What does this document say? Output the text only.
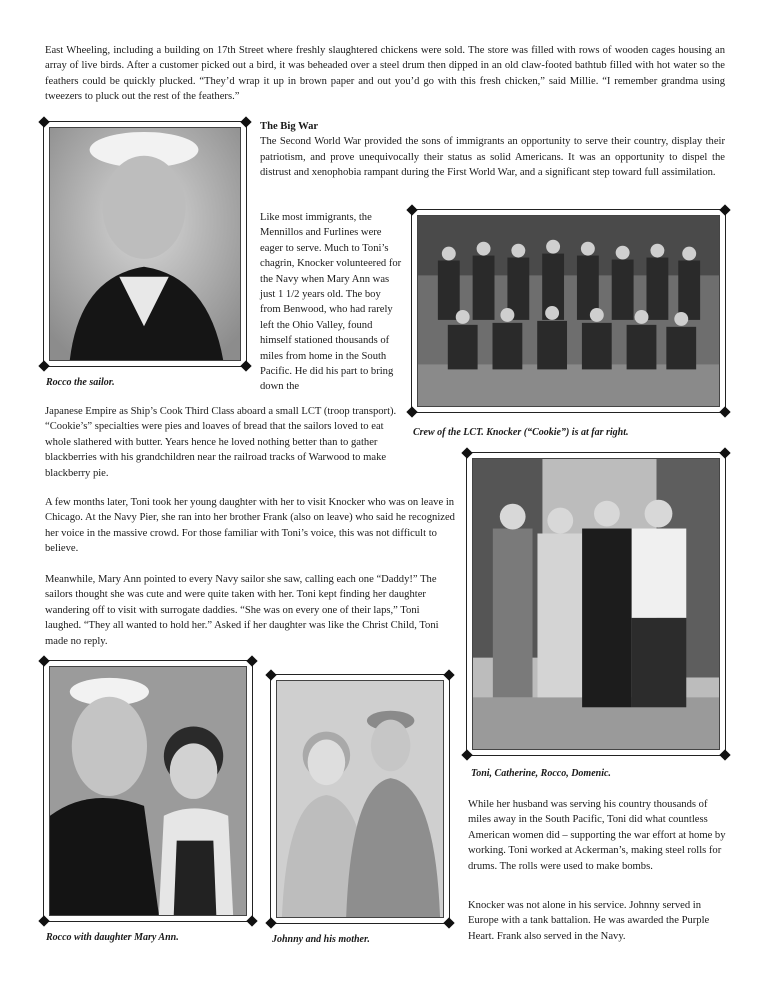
East Wheeling, including a building on 17th Street where freshly slaughtered chickens were sold. The store was filled with rows of wooden cages housing an array of live birds. After a customer picked out a bird, it was beheaded over a steel drum then dipped in an old claw-footed bathtub filled with hot water so the feathers could be quickly plucked. “They’d wrap it up in brown paper and out you’d go with this fresh chicken,” said Millie. “I remember grandma using tweezers to pluck out the rest of the feathers.”

Rocco the sailor.

The Big War

The Second World War provided the sons of immigrants an opportunity to serve their country, display their patriotism, and prove unequivocally their status as solid Americans. It was an opportunity to dispel the distrust and xenophobia rampant during the First World War, and a significant step toward full assimilation.

Like most immigrants, the Mennillos and Furlines were eager to serve. Much to Toni’s chagrin, Knocker volunteered for the Navy when Mary Ann was just 1 1/2 years old. The boy from Benwood, who had rarely left the Ohio Valley, found himself stationed thousands of miles from home in the South Pacific. He did his part to bring down the

Crew of the LCT. Knocker (“Cookie”) is at far right.

Japanese Empire as Ship’s Cook Third Class aboard a small LCT (troop transport). “Cookie’s” specialties were pies and loaves of bread that the sailors loved to eat whole slathered with butter. Years hence he loved nothing better than to gather blackberries with his grandchildren near the railroad tracks of Warwood to make blackberry pie.

A few months later, Toni took her young daughter with her to visit Knocker who was on leave in Chicago. At the Navy Pier, she ran into her brother Frank (also on leave) who said he recognized her voice in the massive crowd. For those familiar with Toni’s voice, this was not difficult to believe.

Meanwhile, Mary Ann pointed to every Navy sailor she saw, calling each one “Daddy!” The sailors thought she was cute and were quite taken with her. Toni kept finding her daughter wandering off to visit with surrogate daddies. “She was on every one of their laps,” Toni laughed. “They all wanted to hold her.” Asked if her daughter was like the Christ Child, Toni made no reply.

Toni, Catherine, Rocco, Domenic.
Rocco with daughter Mary Ann.	Johnny and his mother.

While her husband was serving his country thousands of miles away in the South Pacific, Toni did what countless American women did – supporting the war effort at home by working. Toni worked at Ackerman’s, making steel rolls for drums. The rolls were used to make bombs.

Knocker was not alone in his service. Johnny served in Europe with a tank battalion. He was awarded the Purple Heart. Frank also served in the Navy.
